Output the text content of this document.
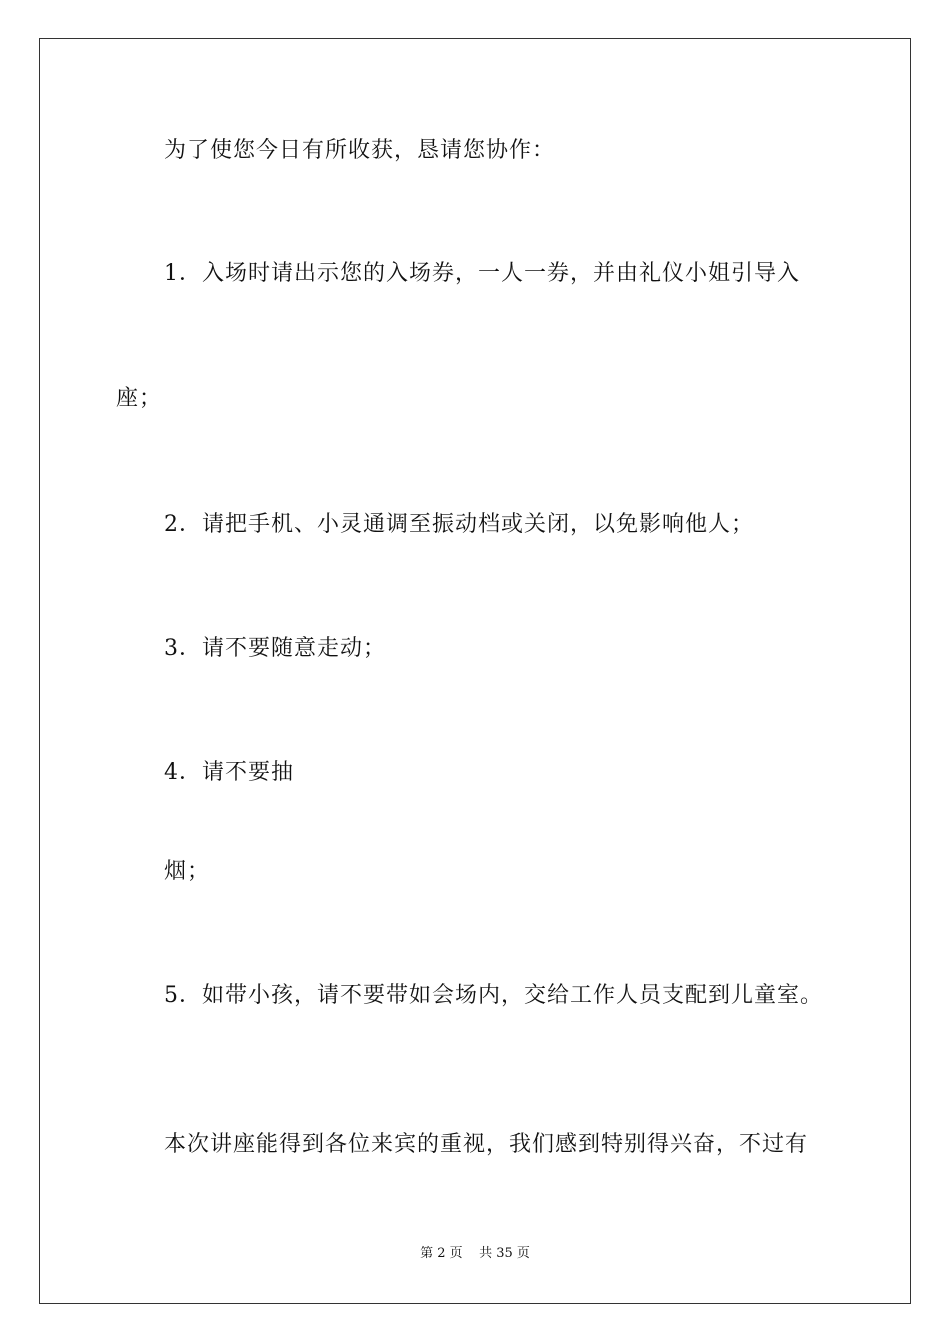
为了使您今日有所收获，恳请您协作：
1．入场时请出示您的入场券，一人一券，并由礼仪小姐引导入
座；
2．请把手机、小灵通调至振动档或关闭，以免影响他人；
3．请不要随意走动；
4．请不要抽
烟；
5．如带小孩，请不要带如会场内，交给工作人员支配到儿童室。
本次讲座能得到各位来宾的重视，我们感到特别得兴奋，不过有
第 2 页    共 35 页
